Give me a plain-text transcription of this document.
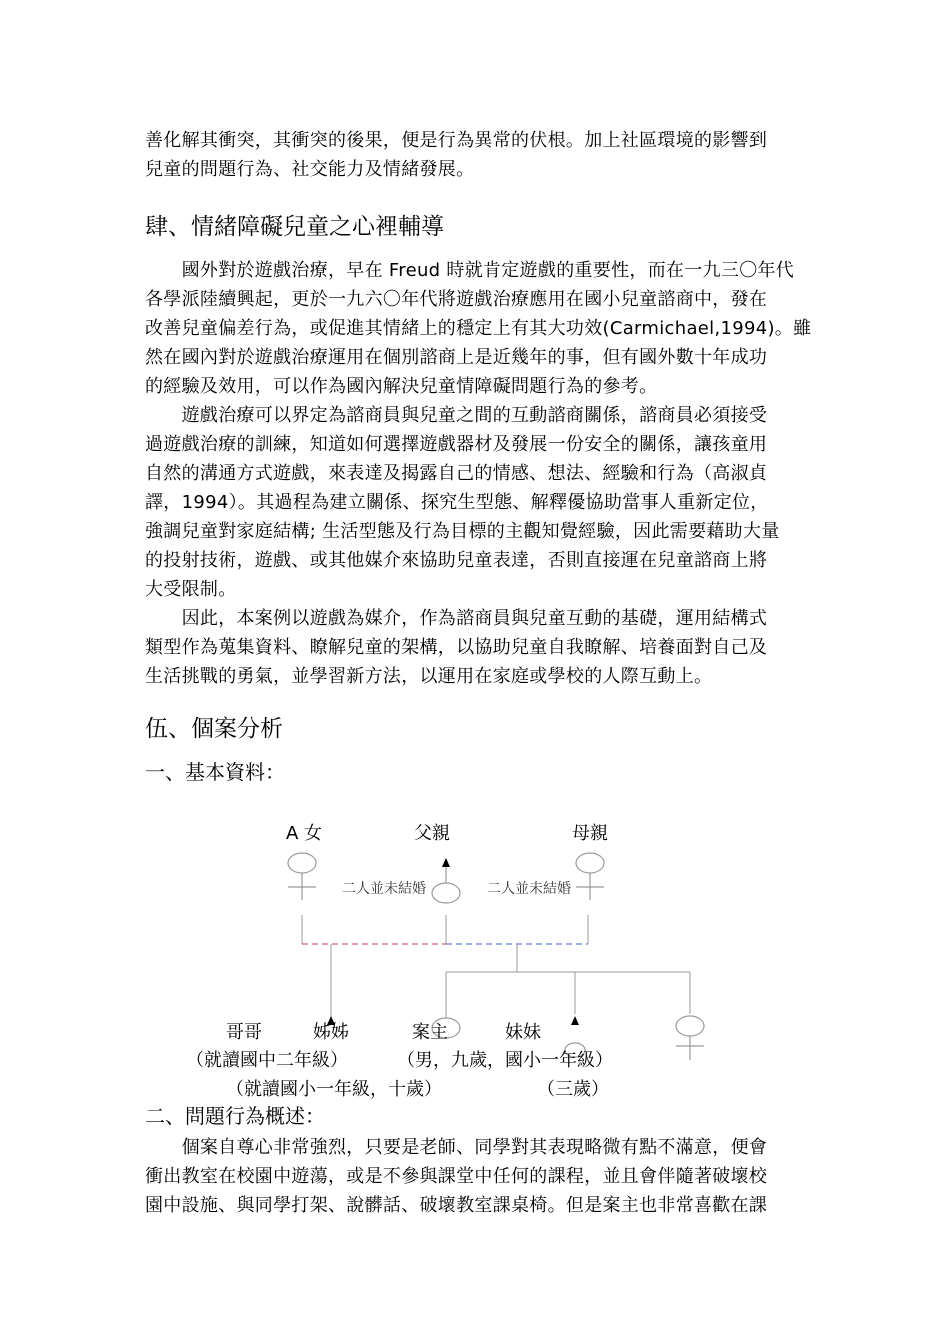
善化解其衝突，其衝突的後果，便是行為異常的伏根。加上社區環境的影響到
兒童的問題行為、社交能力及情緒發展。
肆、情緒障礙兒童之心裡輔導
　　國外對於遊戲治療，早在 Freud 時就肯定遊戲的重要性，而在一九三〇年代
各學派陸續興起，更於一九六〇年代將遊戲治療應用在國小兒童諮商中，發在
改善兒童偏差行為，或促進其情緒上的穩定上有其大功效(Carmichael,1994)。雖
然在國內對於遊戲治療運用在個別諮商上是近幾年的事，但有國外數十年成功
的經驗及效用，可以作為國內解決兒童情障礙問題行為的參考。
　　遊戲治療可以界定為諮商員與兒童之間的互動諮商關係，諮商員必須接受
過遊戲治療的訓練，知道如何選擇遊戲器材及發展一份安全的關係，讓孩童用
自然的溝通方式遊戲，來表達及揭露自己的情感、想法、經驗和行為（高淑貞
譯，1994）。其過程為建立關係、探究生型態、解釋優協助當事人重新定位，
強調兒童對家庭結構; 生活型態及行為目標的主觀知覺經驗，因此需要藉助大量
的投射技術，遊戲、或其他媒介來協助兒童表達，否則直接運在兒童諮商上將
大受限制。
　　因此，本案例以遊戲為媒介，作為諮商員與兒童互動的基礎，運用結構式
類型作為蒐集資料、瞭解兒童的架構，以協助兒童自我瞭解、培養面對自己及
生活挑戰的勇氣，並學習新方法，以運用在家庭或學校的人際互動上。
伍、個案分析
一、基本資料：
A 女	父親	母親
二人並未結婚	二人並未結婚
哥哥	姊姊	案主	妹妹
（就讀國中二年級）	（男，九歲，國小一年級）
（就讀國小一年級，十歲）	（三歲）
二、問題行為概述：
　　個案自尊心非常強烈，只要是老師、同學對其表現略微有點不滿意，便會
衝出教室在校園中遊蕩，或是不參與課堂中任何的課程，並且會伴隨著破壞校
園中設施、與同學打架、說髒話、破壞教室課桌椅。但是案主也非常喜歡在課
